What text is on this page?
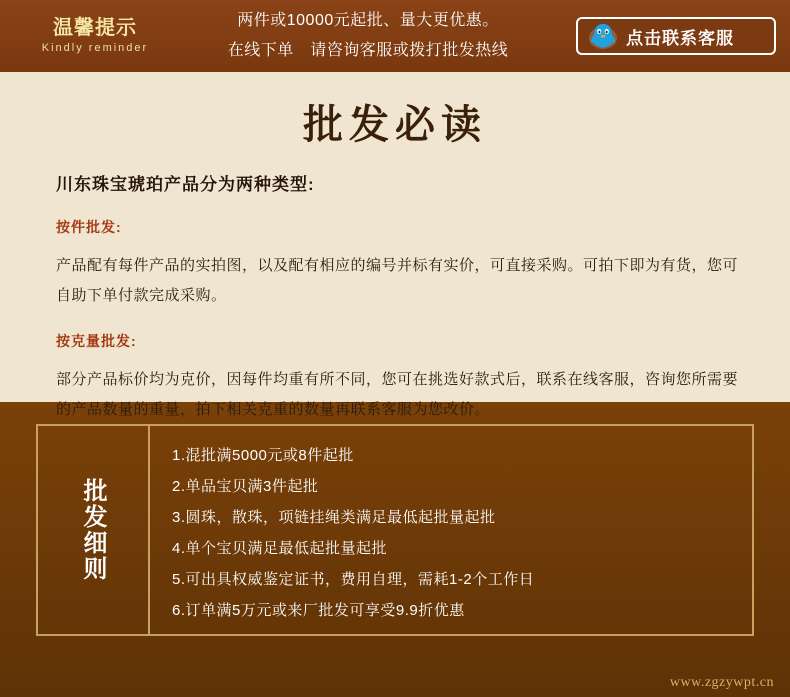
温馨提示
Kindly reminder
两件或10000元起批、量大更优惠。
在线下单　请咨询客服或拨打批发热线
点击联系客服
批发必读

川东珠宝琥珀产品分为两种类型:

按件批发:

产品配有每件产品的实拍图，以及配有相应的编号并标有实价，可直接采购。可拍下即为有货，您可自助下单付款完成采购。

按克量批发:

部分产品标价均为克价，因每件均重有所不同，您可在挑选好款式后，联系在线客服，咨询您所需要的产品数量的重量，拍下相关克重的数量再联系客服为您改价。

批发细则
1.混批满5000元或8件起批
2.单品宝贝满3件起批
3.圆珠，散珠，项链挂绳类满足最低起批量起批
4.单个宝贝满足最低起批量起批
5.可出具权威鉴定证书，费用自理，需耗1-2个工作日
6.订单满5万元或来厂批发可享受9.9折优惠
www.zgzywpt.cn
